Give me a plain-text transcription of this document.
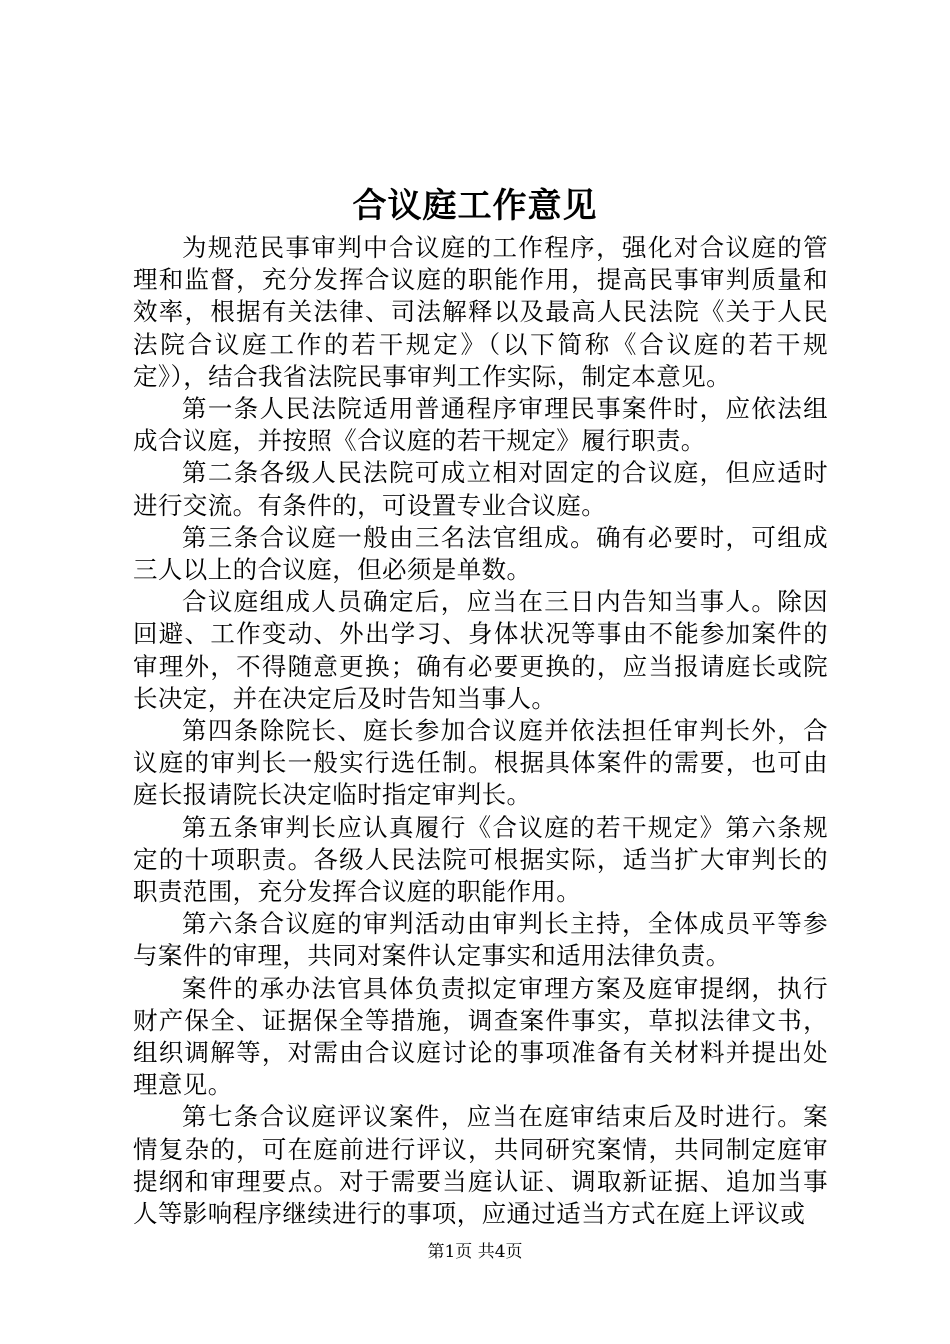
合议庭工作意见

为规范民事审判中合议庭的工作程序，强化对合议庭的管理和监督，充分发挥合议庭的职能作用，提高民事审判质量和效率，根据有关法律、司法解释以及最高人民法院《关于人民法院合议庭工作的若干规定》（以下简称《合议庭的若干规定》），结合我省法院民事审判工作实际，制定本意见。

第一条人民法院适用普通程序审理民事案件时，应依法组成合议庭，并按照《合议庭的若干规定》履行职责。

第二条各级人民法院可成立相对固定的合议庭，但应适时进行交流。有条件的，可设置专业合议庭。

第三条合议庭一般由三名法官组成。确有必要时，可组成三人以上的合议庭，但必须是单数。

合议庭组成人员确定后，应当在三日内告知当事人。除因回避、工作变动、外出学习、身体状况等事由不能参加案件的审理外，不得随意更换；确有必要更换的，应当报请庭长或院长决定，并在决定后及时告知当事人。

第四条除院长、庭长参加合议庭并依法担任审判长外，合议庭的审判长一般实行选任制。根据具体案件的需要，也可由庭长报请院长决定临时指定审判长。

第五条审判长应认真履行《合议庭的若干规定》第六条规定的十项职责。各级人民法院可根据实际，适当扩大审判长的职责范围，充分发挥合议庭的职能作用。

第六条合议庭的审判活动由审判长主持，全体成员平等参与案件的审理，共同对案件认定事实和适用法律负责。

案件的承办法官具体负责拟定审理方案及庭审提纲，执行财产保全、证据保全等措施，调查案件事实，草拟法律文书，组织调解等，对需由合议庭讨论的事项准备有关材料并提出处理意见。

第七条合议庭评议案件，应当在庭审结束后及时进行。案情复杂的，可在庭前进行评议，共同研究案情，共同制定庭审提纲和审理要点。对于需要当庭认证、调取新证据、追加当事人等影响程序继续进行的事项，应通过适当方式在庭上评议或

第1页 共4页
